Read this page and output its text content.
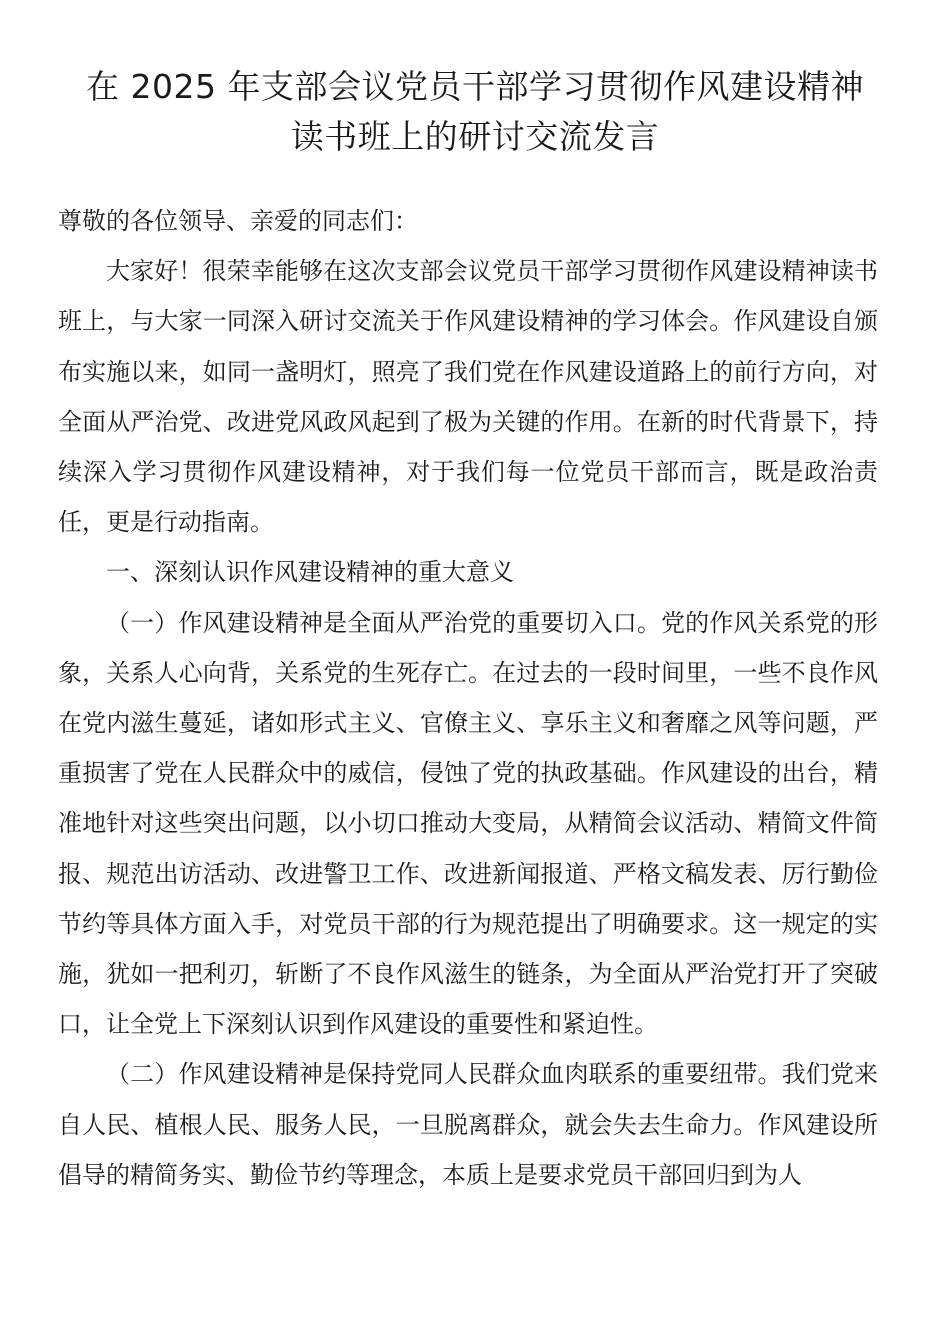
在 2025 年支部会议党员干部学习贯彻作风建设精神
读书班上的研讨交流发言

尊敬的各位领导、亲爱的同志们：

大家好！很荣幸能够在这次支部会议党员干部学习贯彻作风建设精神读书班上，与大家一同深入研讨交流关于作风建设精神的学习体会。作风建设自颁布实施以来，如同一盏明灯，照亮了我们党在作风建设道路上的前行方向，对全面从严治党、改进党风政风起到了极为关键的作用。在新的时代背景下，持续深入学习贯彻作风建设精神，对于我们每一位党员干部而言，既是政治责任，更是行动指南。

一、深刻认识作风建设精神的重大意义

（一）作风建设精神是全面从严治党的重要切入口。党的作风关系党的形象，关系人心向背，关系党的生死存亡。在过去的一段时间里，一些不良作风在党内滋生蔓延，诸如形式主义、官僚主义、享乐主义和奢靡之风等问题，严重损害了党在人民群众中的威信，侵蚀了党的执政基础。作风建设的出台，精准地针对这些突出问题，以小切口推动大变局，从精简会议活动、精简文件简报、规范出访活动、改进警卫工作、改进新闻报道、严格文稿发表、厉行勤俭节约等具体方面入手，对党员干部的行为规范提出了明确要求。这一规定的实施，犹如一把利刃，斩断了不良作风滋生的链条，为全面从严治党打开了突破口，让全党上下深刻认识到作风建设的重要性和紧迫性。

（二）作风建设精神是保持党同人民群众血肉联系的重要纽带。我们党来自人民、植根人民、服务人民，一旦脱离群众，就会失去生命力。作风建设所倡导的精简务实、勤俭节约等理念，本质上是要求党员干部回归到为人
